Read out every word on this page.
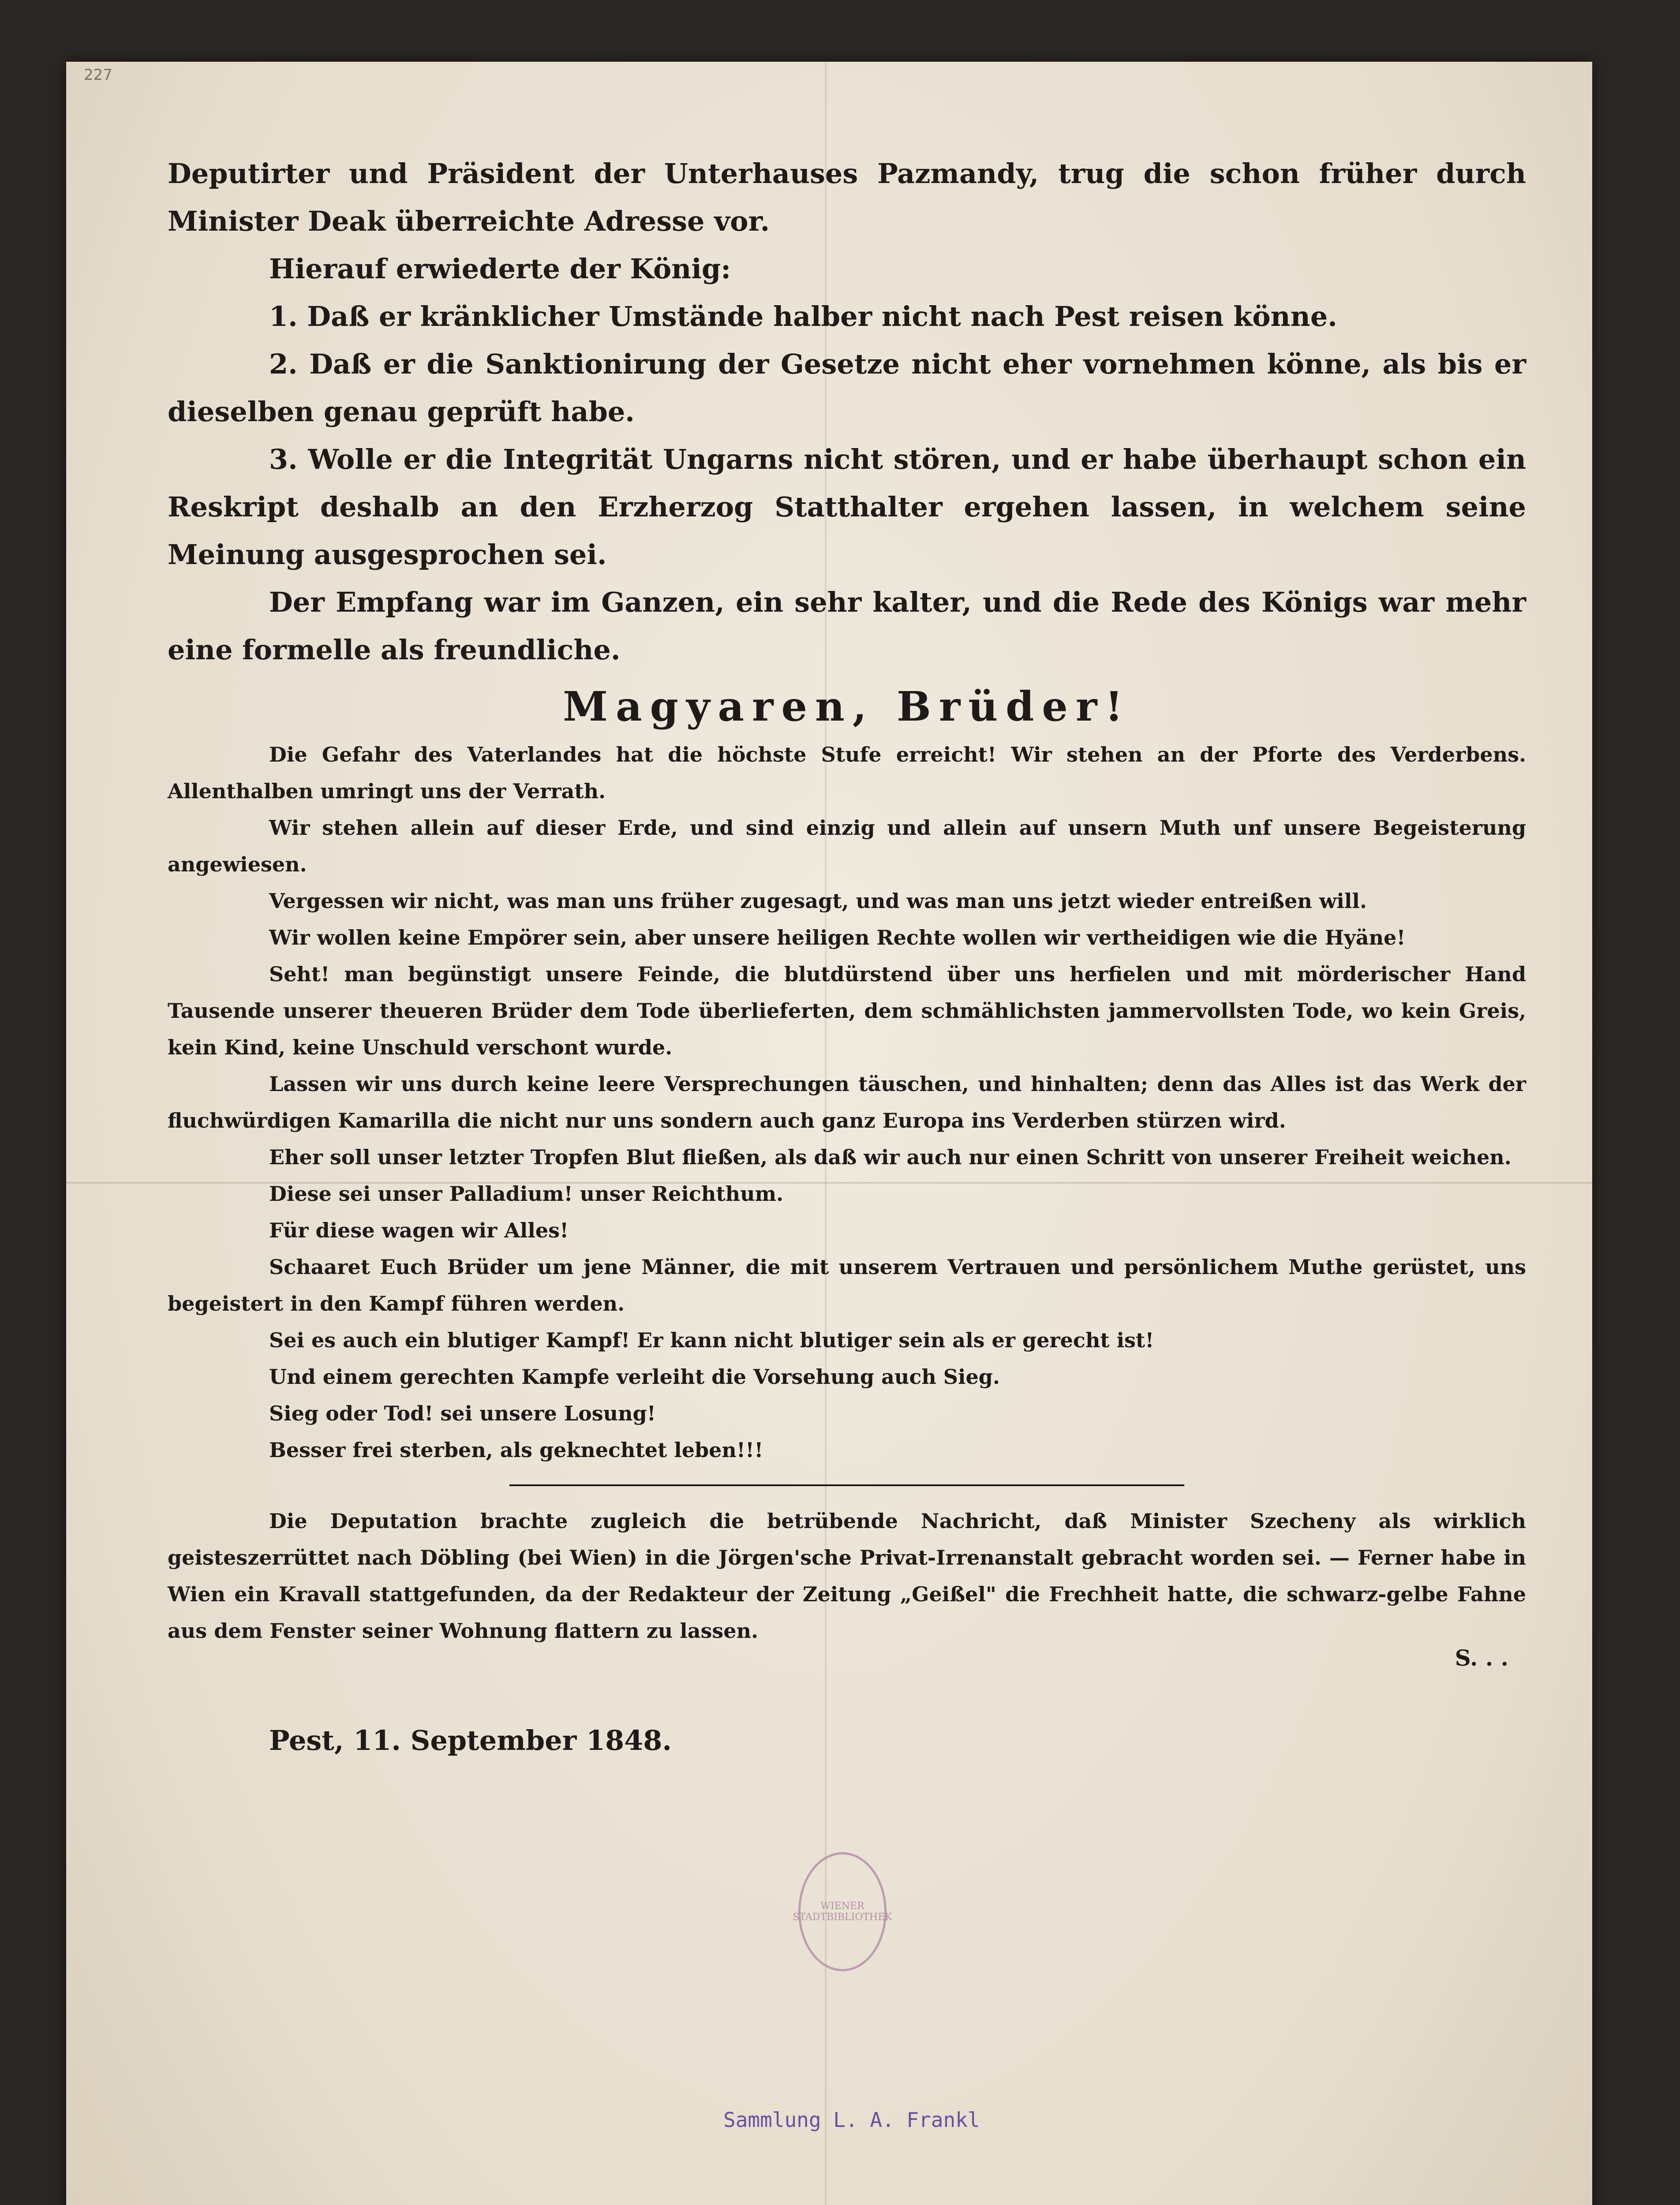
227

Deputirter und Präsident der Unterhauses Pazmandy, trug die schon früher durch Minister Deak überreichte Adresse vor.

Hierauf erwiederte der König:

1. Daß er kränklicher Umstände halber nicht nach Pest reisen könne.

2. Daß er die Sanktionirung der Gesetze nicht eher vornehmen könne, als bis er dieselben genau geprüft habe.

3. Wolle er die Integrität Ungarns nicht stören, und er habe überhaupt schon ein Reskript deshalb an den Erzherzog Statthalter ergehen lassen, in welchem seine Meinung ausgesprochen sei.

Der Empfang war im Ganzen, ein sehr kalter, und die Rede des Königs war mehr eine formelle als freundliche.

Magyaren, Brüder!

Die Gefahr des Vaterlandes hat die höchste Stufe erreicht! Wir stehen an der Pforte des Verderbens. Allenthalben umringt uns der Verrath.

Wir stehen allein auf dieser Erde, und sind einzig und allein auf unsern Muth unf unsere Begeisterung angewiesen.

Vergessen wir nicht, was man uns früher zugesagt, und was man uns jetzt wieder entreißen will.

Wir wollen keine Empörer sein, aber unsere heiligen Rechte wollen wir vertheidigen wie die Hyäne!

Seht! man begünstigt unsere Feinde, die blutdürstend über uns herfielen und mit mörderischer Hand Tausende unserer theueren Brüder dem Tode überlieferten, dem schmählichsten jammervollsten Tode, wo kein Greis, kein Kind, keine Unschuld verschont wurde.

Lassen wir uns durch keine leere Versprechungen täuschen, und hinhalten; denn das Alles ist das Werk der fluchwürdigen Kamarilla die nicht nur uns sondern auch ganz Europa ins Verderben stürzen wird.

Eher soll unser letzter Tropfen Blut fließen, als daß wir auch nur einen Schritt von unserer Freiheit weichen.

Diese sei unser Palladium! unser Reichthum.

Für diese wagen wir Alles!

Schaaret Euch Brüder um jene Männer, die mit unserem Vertrauen und persönlichem Muthe gerüstet, uns begeistert in den Kampf führen werden.

Sei es auch ein blutiger Kampf! Er kann nicht blutiger sein als er gerecht ist!

Und einem gerechten Kampfe verleiht die Vorsehung auch Sieg.

Sieg oder Tod! sei unsere Losung!

Besser frei sterben, als geknechtet leben!!!

Die Deputation brachte zugleich die betrübende Nachricht, daß Minister Szecheny als wirklich geisteszerrüttet nach Döbling (bei Wien) in die Jörgen'sche Privat-Irrenanstalt gebracht worden sei. — Ferner habe in Wien ein Kravall stattgefunden, da der Redakteur der Zeitung „Geißel" die Frechheit hatte, die schwarz-gelbe Fahne aus dem Fenster seiner Wohnung flattern zu lassen.

S. . .
Pest, 11. September 1848.
WIENER STADTBIBLIOTHEK
Sammlung L. A. Frankl
